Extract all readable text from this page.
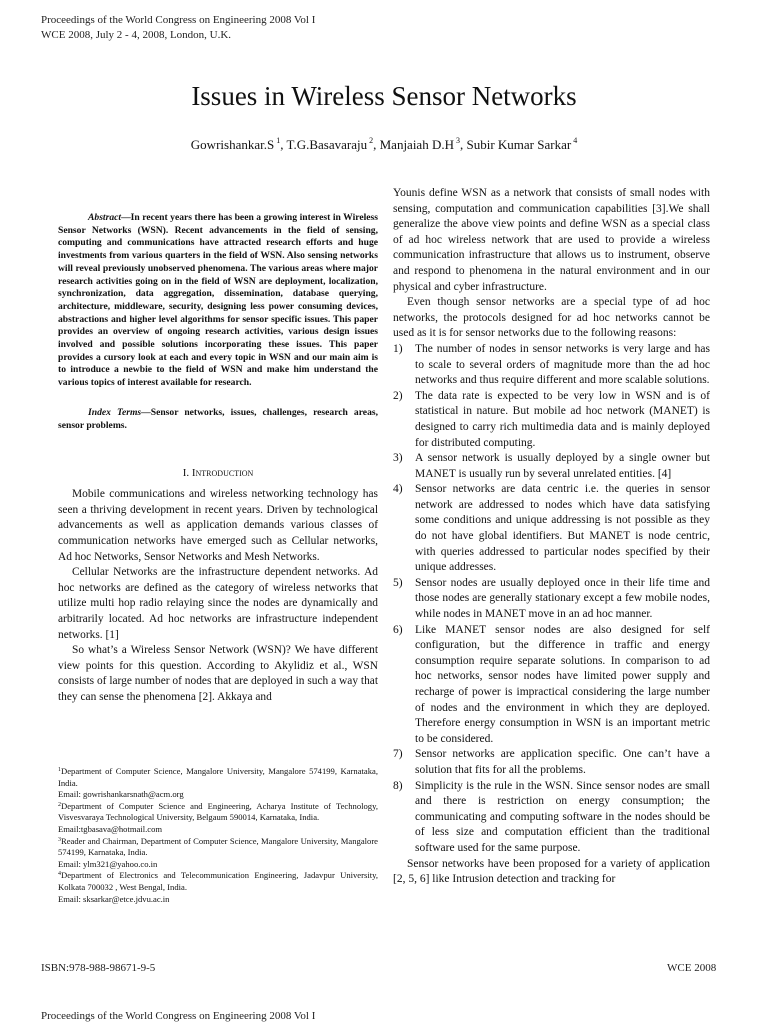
Proceedings of the World Congress on Engineering 2008 Vol I
WCE 2008, July 2 - 4, 2008, London, U.K.
Issues in Wireless Sensor Networks
Gowrishankar.S $^1$, T.G.Basavaraju $^2$, Manjaiah D.H $^3$, Subir Kumar Sarkar $^4$

Abstract—In recent years there has been a growing interest in Wireless Sensor Networks (WSN). Recent advancements in the field of sensing, computing and communications have attracted research efforts and huge investments from various quarters in the field of WSN. Also sensing networks will reveal previously unobserved phenomena. The various areas where major research activities going on in the field of WSN are deployment, localization, synchronization, data aggregation, dissemination, database querying, architecture, middleware, security, designing less power consuming devices, abstractions and higher level algorithms for sensor specific issues. This paper provides an overview of ongoing research activities, various design issues involved and possible solutions incorporating these issues. This paper provides a cursory look at each and every topic in WSN and our main aim is to introduce a newbie to the field of WSN and make him understand the various topics of interest available for research.

Index Terms—Sensor networks, issues, challenges, research areas, sensor problems.

I. Introduction

Mobile communications and wireless networking technology has seen a thriving development in recent years. Driven by technological advancements as well as application demands various classes of communication networks have emerged such as Cellular networks, Ad hoc Networks, Sensor Networks and Mesh Networks.

Cellular Networks are the infrastructure dependent networks. Ad hoc networks are defined as the category of wireless networks that utilize multi hop radio relaying since the nodes are dynamically and arbitrarily located. Ad hoc networks are infrastructure independent networks. [1]

So what’s a Wireless Sensor Network (WSN)? We have different view points for this question. According to Akylidiz et al., WSN consists of large number of nodes that are deployed in such a way that they can sense the phenomena [2]. Akkaya and

$^1$Department of Computer Science, Mangalore University, Mangalore 574199, Karnataka, India.

Email: gowrishankarsnath@acm.org

$^2$Department of Computer Science and Engineering, Acharya Institute of Technology, Visvesvaraya Technological University, Belgaum 590014, Karnataka, India.

Email:tgbasava@hotmail.com

$^3$Reader and Chairman, Department of Computer Science, Mangalore University, Mangalore 574199, Karnataka, India.

Email: ylm321@yahoo.co.in

$^4$Department of Electronics and Telecommunication Engineering, Jadavpur University, Kolkata 700032 , West Bengal, India.

Email: sksarkar@etce.jdvu.ac.in

Younis define WSN as a network that consists of small nodes with sensing, computation and communication capabilities [3].We shall generalize the above view points and define WSN as a special class of ad hoc wireless network that are used to provide a wireless communication infrastructure that allows us to instrument, observe and respond to phenomena in the natural environment and in our physical and cyber infrastructure.

Even though sensor networks are a special type of ad hoc networks, the protocols designed for ad hoc networks cannot be used as it is for sensor networks due to the following reasons:

1) The number of nodes in sensor networks is very large and has to scale to several orders of magnitude more than the ad hoc networks and thus require different and more scalable solutions.
2) The data rate is expected to be very low in WSN and is of statistical in nature. But mobile ad hoc network (MANET) is designed to carry rich multimedia data and is mainly deployed for distributed computing.
3) A sensor network is usually deployed by a single owner but MANET is usually run by several unrelated entities. [4]
4) Sensor networks are data centric i.e. the queries in sensor network are addressed to nodes which have data satisfying some conditions and unique addressing is not possible as they do not have global identifiers. But MANET is node centric, with queries addressed to particular nodes specified by their unique addresses.
5) Sensor nodes are usually deployed once in their life time and those nodes are generally stationary except a few mobile nodes, while nodes in MANET move in an ad hoc manner.
6) Like MANET sensor nodes are also designed for self configuration, but the difference in traffic and energy consumption require separate solutions. In comparison to ad hoc networks, sensor nodes have limited power supply and recharge of power is impractical considering the large number of nodes and the environment in which they are deployed. Therefore energy consumption in WSN is an important metric to be considered.
7) Sensor networks are application specific. One can’t have a solution that fits for all the problems.
8) Simplicity is the rule in the WSN. Since sensor nodes are small and there is restriction on energy consumption; the communicating and computing software in the nodes should be of less size and computation efficient than the traditional software used for the same purpose.

Sensor networks have been proposed for a variety of application [2, 5, 6] like Intrusion detection and tracking for

ISBN:978-988-98671-9-5	WCE 2008
Proceedings of the World Congress on Engineering 2008 Vol I
